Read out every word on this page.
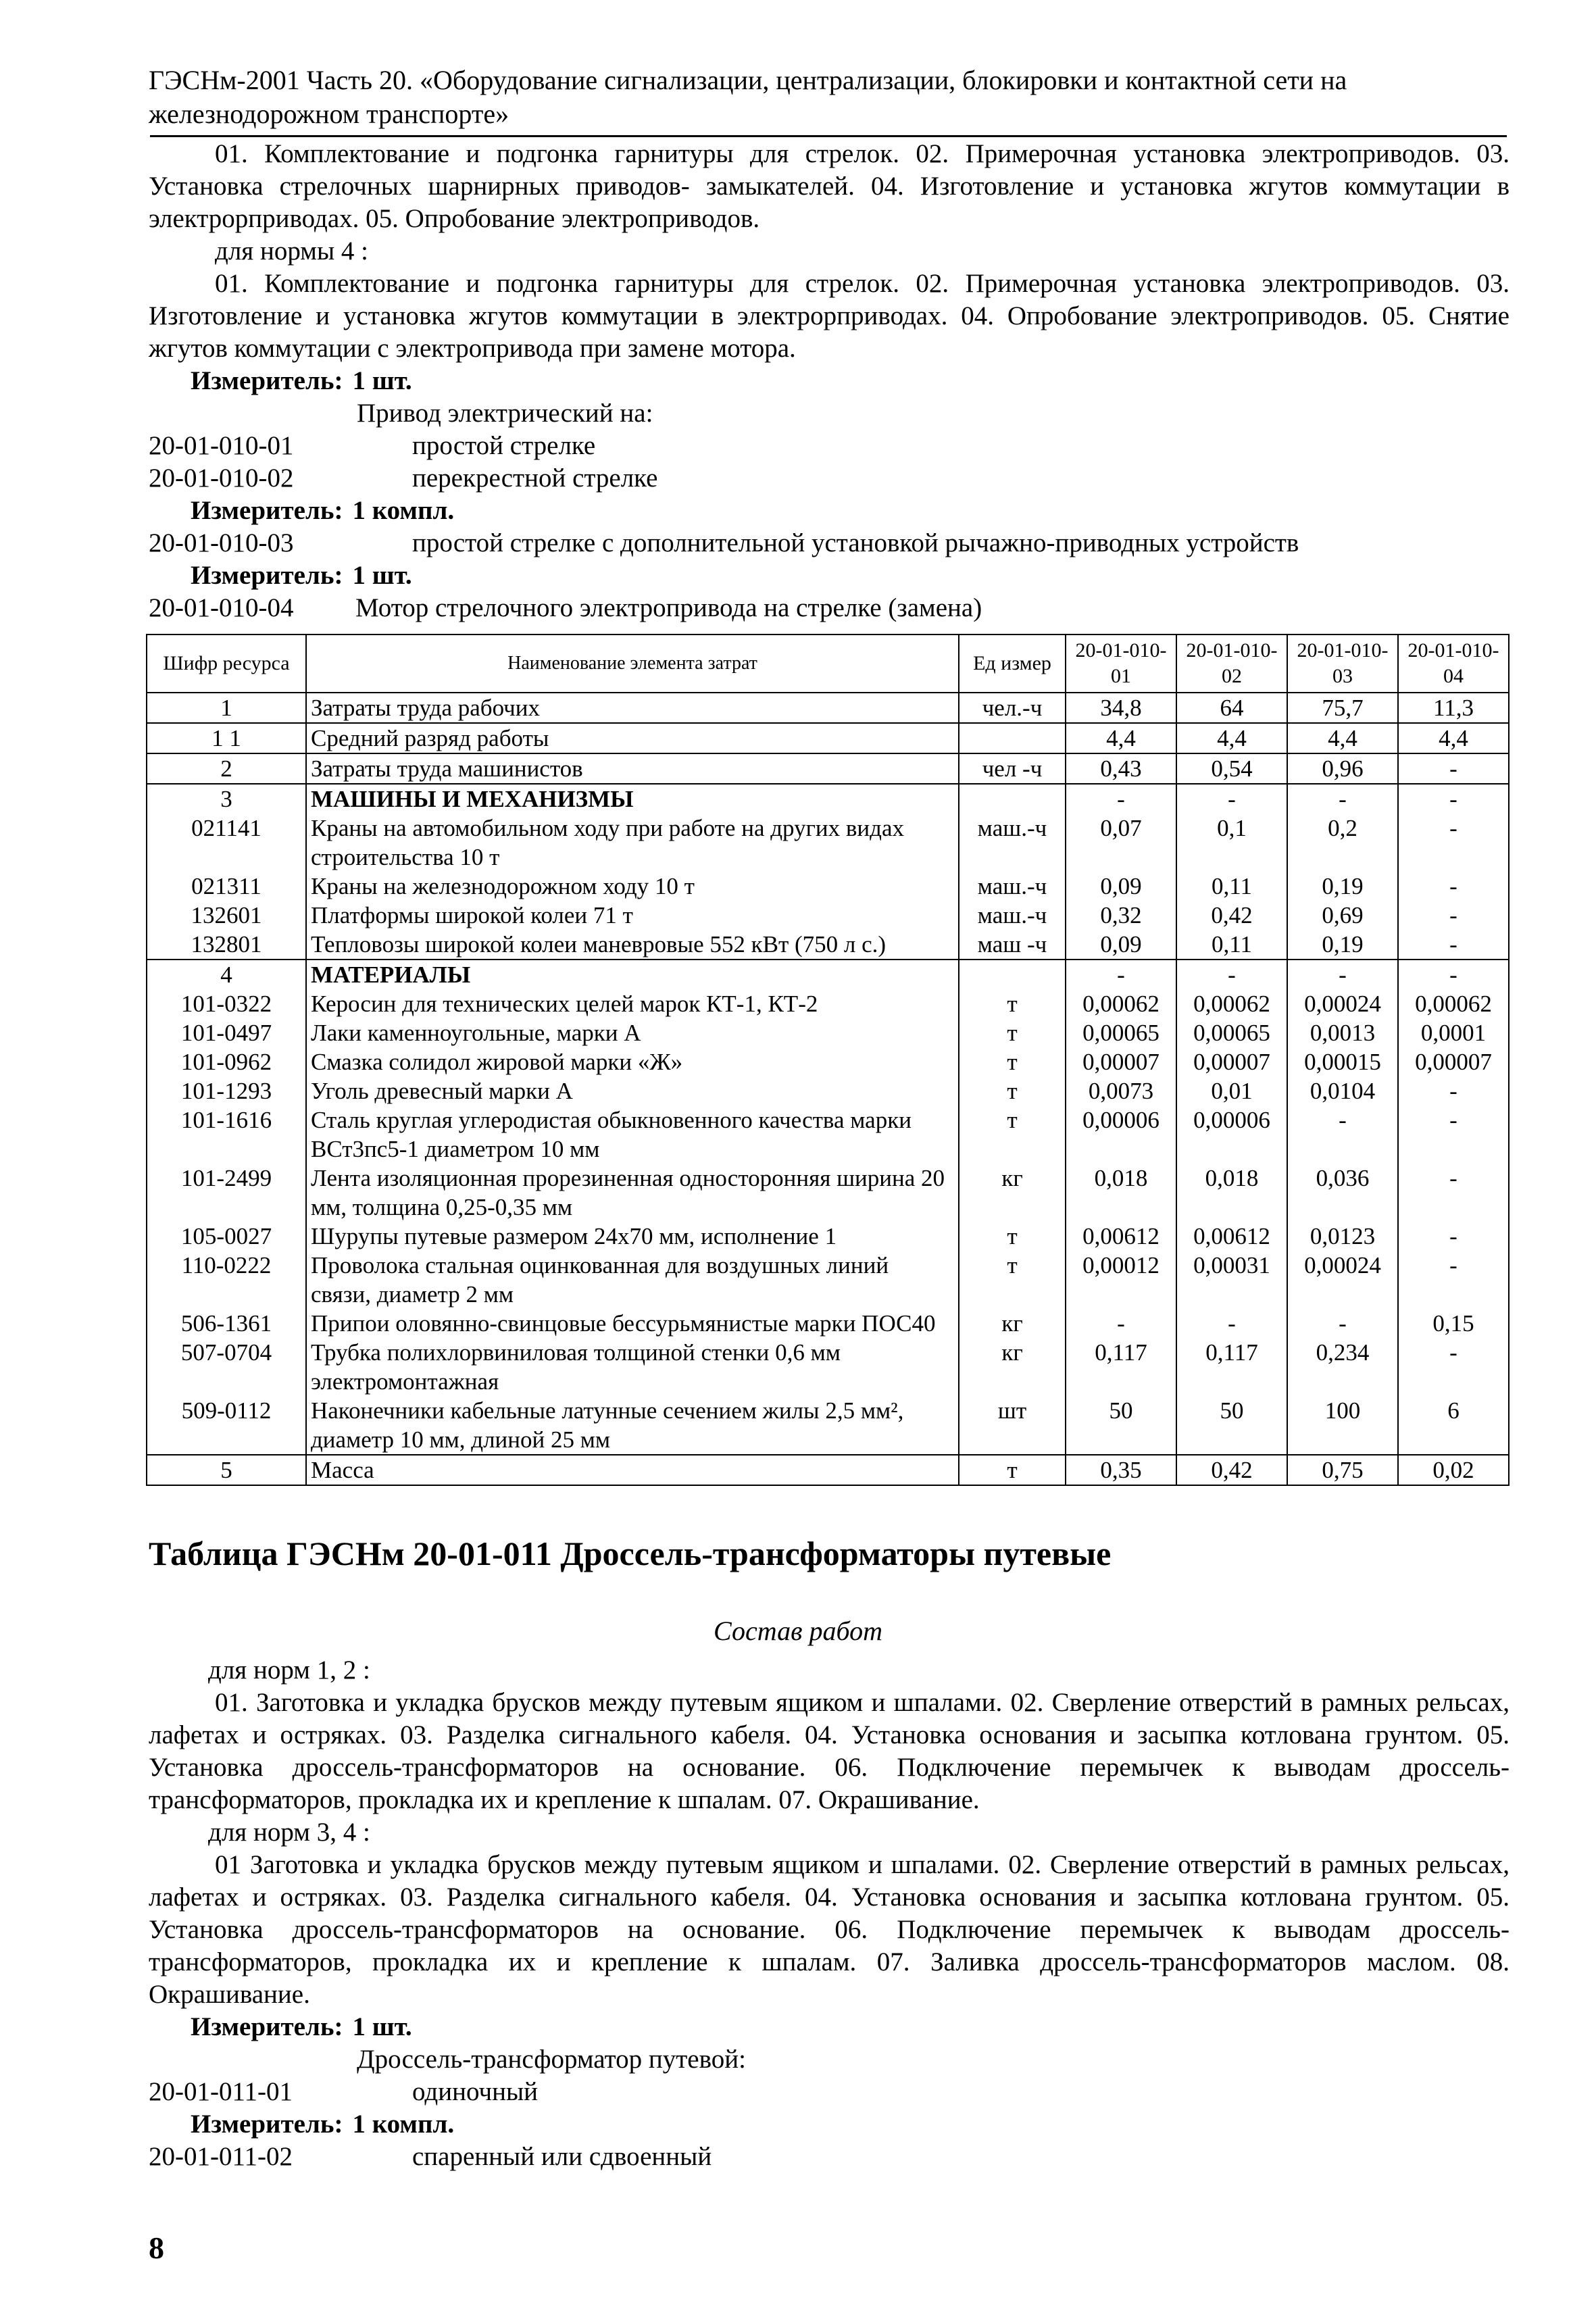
ГЭСНм-2001 Часть 20. «Оборудование сигнализации, централизации, блокировки и контактной сети на железнодорожном транспорте»

01. Комплектование и подгонка гарнитуры для стрелок. 02. Примерочная установка электроприводов. 03. Установка стрелочных шарнирных приводов- замыкателей. 04. Изготовление и установка жгутов коммутации в электрорприводах. 05. Опробование электроприводов.

для нормы 4 :

01. Комплектование и подгонка гарнитуры для стрелок. 02. Примерочная установка электроприводов. 03. Изготовление и установка жгутов коммутации в электрорприводах. 04. Опробование электроприводов. 05. Снятие жгутов коммутации с электропривода при замене мотора.

Измеритель: 1 шт.

Привод электрический на:

20-01-010-01	простой стрелке

20-01-010-02	перекрестной стрелке

Измеритель: 1 компл.

20-01-010-03	простой стрелке с дополнительной установкой рычажно-приводных устройств

Измеритель: 1 шт.

20-01-010-04	Мотор стрелочного электропривода на стрелке (замена)

Шифр ресурса	Наименование элемента затрат	Ед измер	20-01-010-01	20-01-010-02	20-01-010-03	20-01-010-04
1	Затраты труда рабочих	чел.-ч	34,8	64	75,7	11,3
1 1	Средний разряд работы		4,4	4,4	4,4	4,4
2	Затраты труда машинистов	чел -ч	0,43	0,54	0,96	-
3	МАШИНЫ И МЕХАНИЗМЫ		-	-	-	-
021141	Краны на автомобильном ходу при работе на других видах строительства 10 т	маш.-ч	0,07	0,1	0,2	-
021311	Краны на железнодорожном ходу 10 т	маш.-ч	0,09	0,11	0,19	-
132601	Платформы широкой колеи 71 т	маш.-ч	0,32	0,42	0,69	-
132801	Тепловозы широкой колеи маневровые 552 кВт (750 л с.)	маш -ч	0,09	0,11	0,19	-
4	МАТЕРИАЛЫ		-	-	-	-
101-0322	Керосин для технических целей марок КТ-1, КТ-2	т	0,00062	0,00062	0,00024	0,00062
101-0497	Лаки каменноугольные, марки А	т	0,00065	0,00065	0,0013	0,0001
101-0962	Смазка солидол жировой марки «Ж»	т	0,00007	0,00007	0,00015	0,00007
101-1293	Уголь древесный марки А	т	0,0073	0,01	0,0104	-
101-1616	Сталь круглая углеродистая обыкновенного качества марки ВСт3пс5-1 диаметром 10 мм	т	0,00006	0,00006	-	-
101-2499	Лента изоляционная прорезиненная односторонняя ширина 20 мм, толщина 0,25-0,35 мм	кг	0,018	0,018	0,036	-
105-0027	Шурупы путевые размером 24x70 мм, исполнение 1	т	0,00612	0,00612	0,0123	-
110-0222	Проволока стальная оцинкованная для воздушных линий связи, диаметр 2 мм	т	0,00012	0,00031	0,00024	-
506-1361	Припои оловянно-свинцовые бессурьмянистые марки ПОС40	кг	-	-	-	0,15
507-0704	Трубка полихлорвиниловая толщиной стенки 0,6 мм электромонтажная	кг	0,117	0,117	0,234	-
509-0112	Наконечники кабельные латунные сечением жилы 2,5 мм², диаметр 10 мм, длиной 25 мм	шт	50	50	100	6
5	Масса	т	0,35	0,42	0,75	0,02
Таблица ГЭСНм 20-01-011 Дроссель-трансформаторы путевые
Состав работ

для норм 1, 2 :

01. Заготовка и укладка брусков между путевым ящиком и шпалами. 02. Сверление отверстий в рамных рельсах, лафетах и остряках. 03. Разделка сигнального кабеля. 04. Установка основания и засыпка котлована грунтом. 05. Установка дроссель-трансформаторов на основание. 06. Подключение перемычек к выводам дроссель-трансформаторов, прокладка их и крепление к шпалам. 07. Окрашивание.

для норм 3, 4 :

01 Заготовка и укладка брусков между путевым ящиком и шпалами. 02. Сверление отверстий в рамных рельсах, лафетах и остряках. 03. Разделка сигнального кабеля. 04. Установка основания и засыпка котлована грунтом. 05. Установка дроссель-трансформаторов на основание. 06. Подключение перемычек к выводам дроссель-трансформаторов, прокладка их и крепление к шпалам. 07. Заливка дроссель-трансформаторов маслом. 08. Окрашивание.

Измеритель: 1 шт.

Дроссель-трансформатор путевой:

20-01-011-01	одиночный

Измеритель: 1 компл.

20-01-011-02	спаренный или сдвоенный

8
